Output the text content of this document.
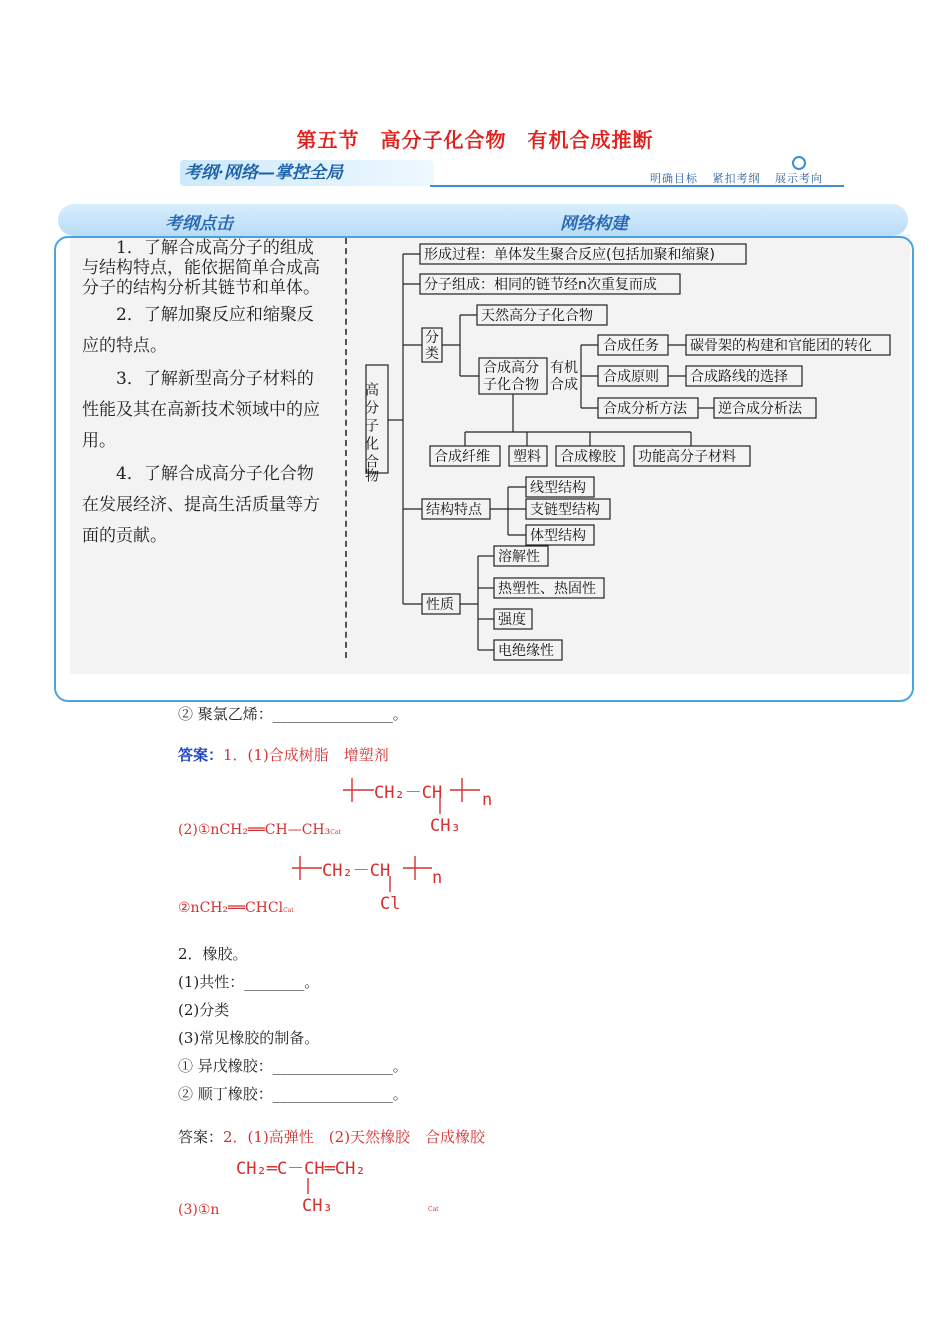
第五节　高分子化合物　有机合成推断
考纲·网络—掌控全局	明确目标 紧扣考纲 展示考向
考纲点击	网络构建
1．了解合成高分子的组成与结构特点，能依据简单合成高分子的结构分析其链节和单体。
2．了解加聚反应和缩聚反应的特点。
3．了解新型高分子材料的性能及其在高新技术领域中的应用。
4．了解合成高分子化合物在发展经济、提高生活质量等方面的贡献。
高分子化合物
形成过程：单体发生聚合反应(包括加聚和缩聚)
分子组成：相同的链节经n次重复而成
分类
天然高分子化合物
合成高分子化合物
有机合成
合成任务
合成原则
合成分析方法
碳骨架的构建和官能团的转化
合成路线的选择
逆合成分析法
合成纤维 塑料 合成橡胶 功能高分子材料
结构特点
线型结构
支链型结构
体型结构
性质
溶解性
热塑性、热固性
强度
电绝缘性
② 聚氯乙烯：________________。
答案：1．(1)合成树脂　增塑剂
CH₂－CH n
CH₃
(2)①nCH₂══CH—CH₃Cat
CH₂－CH n
Cl
②nCH₂══CHClCat
2．橡胶。
(1)共性：________。
(2)分类
(3)常见橡胶的制备。
① 异戊橡胶：________________。
② 顺丁橡胶：________________。
答案：2．(1)高弹性　(2)天然橡胶　合成橡胶
CH₂═C－CH═CH₂
CH₃
(3)①n	Cat
